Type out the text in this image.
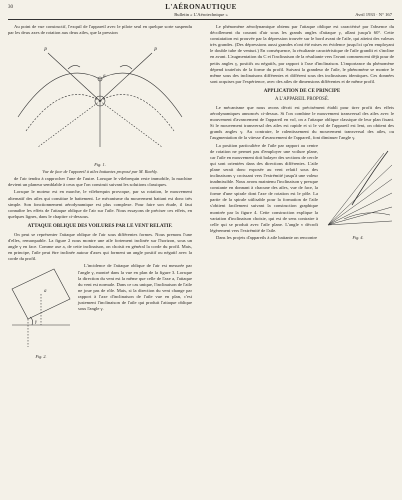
30	L'AÉRONAUTIQUE
Bulletin « L'Aérotechnique »	Avril 1933 · N° 167

Au point de vue constructif, l'exquil de l'appareil avec le pilote seul en quelque sorte suspendu par les deux axes de rotation aux deux ailes, que la pression

P	P
a
Fig. 1.
Vue de face de l'appareil à ailes battantes proposé par M. Raehly.

de l'air tendra à rapprocher l'une de l'autre. Lorsque le vilebrequin reste immobile, la machine devient un planeur semblable à ceux que l'on construit suivant les solutions classiques.

Lorsque le moteur est en marche, le vilebrequin provoque, par sa rotation, le mouvement alternatif des ailes qui constitue le battement. Le mécanisme du mouvement battant est donc très simple. Son fonctionnement aérodynamique est plus complexe. Pour faire son étude, il faut connaître les effets de l'attaque oblique de l'air sur l'aile. Nous essayons de préciser ces effets, en quelques lignes, dans le chapitre ci-dessous.

ATTAQUE OBLIQUE DES VOILURES PAR LE VENT RELATIF.

On peut se représenter l'attaque oblique de l'air sous différentes formes. Nous prenons l'une d'elles, remarquable. La figure 2 nous montre une aile fortement inclinée sur l'horizon, sous un angle γ en face. Comme axe a, de cette inclinaison, on choisit en général la corde du profil. Mais, en principe, l'aile peut être inclinée autour d'axes qui forment un angle positif ou négatif avec la corde du profil.

γ
a
Fig. 2.

L'incidence de l'attaque oblique de l'air est mesurée par l'angle γ, montré dans la vue en plan de la figure 3. Lorsque la direction du vent est la même que celle de l'axe a, l'attaque du vent est normale. Dans ce cas unique, l'inclinaison de l'aile ne joue pas de rôle. Mais, si la direction du vent change par rapport à l'axe d'inclinaison de l'aile vue en plan, c'est justement l'inclinaison de l'aile qui produit l'attaque oblique sous l'angle γ.

Le phénomène aérodynamique obtenu par l'attaque oblique est caractérisé par l'absence du décollement du courant d'air sous les grands angles d'attaque γ, allant jusqu'à 60°. Cette constatation est prouvée par la dépression trouvée sur le bord avant de l'aile, qui atteint des valeurs très grandes. (Des dépressions aussi grandes n'ont été mises en évidence jusqu'ici qu'en employant le double tube de venturi.) En conséquence, la résultante caractéristique de l'aile grandit et s'incline en avant. L'augmentation du C et l'inclinaison de la résultante vers l'avant commencent déjà pour de petits angles γ, positifs ou négatifs, par rapport à l'axe d'inclinaison. L'importance du phénomène dépend toutefois de la forme du profil. Suivant la grandeur de l'aile, le phénomène se montre le même sous des inclinaisons différentes et différent sous des inclinaisons identiques. Ces données sont acquises par l'expérience, avec des ailes de dimensions différentes et de même profil.

APPLICATION DE CE PRINCIPE
A L'APPAREIL PROPOSÉ.

Le mécanisme que nous avons décrit est précisément établi pour tirer profit des effets aérodynamiques annoncés ci-dessus. Si l'on combine le mouvement transversal des ailes avec le mouvement d'avancement de l'appareil en vol, on a l'attaque oblique classique de leur plan fixant. Si le mouvement transversal des ailes est rapide et si le vol de l'appareil est lent, on obtient des grands angles γ. Au contraire, le ralentissement du mouvement transversal des ailes, ou l'augmentation de la vitesse d'avancement de l'appareil, font diminuer l'angle γ.

Fig. 4.

La position particulière de l'aile par rapport au centre de rotation ne permet pas d'employer une voilure plane, car l'aile en mouvement doit balayer des sections de cercle qui sont orientées dans des directions différentes. L'aile plane serait donc exposée au vent relatif sous des inclinaisons γ croissant vers l'extrémité jusqu'à une valeur inadmissible. Nous avons maintenu l'inclinaison γ presque constante en donnant à chacune des ailes, vue de face, la forme d'une spirale dont l'axe de rotation est le pôle. La partie de la spirale utilisable pour la formation de l'aile s'obtient facilement suivant la construction graphique montrée par la figure 4. Cette construction explique la variation d'inclinaison choisie, qui est de sens contraire à celle qui se produit avec l'aile plane. L'angle ν décroît légèrement vers l'extrémité de l'aile.

Dans les projets d'appareils à aile battante on rencontre
